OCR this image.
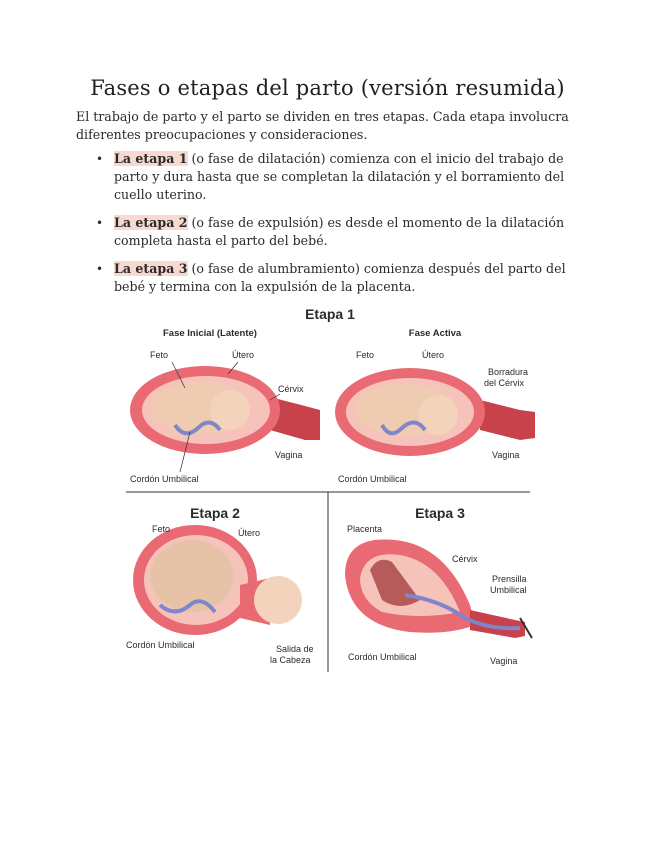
Fases o etapas del parto (versión resumida)
El trabajo de parto y el parto se dividen en tres etapas. Cada etapa involucra diferentes preocupaciones y consideraciones.
• La etapa 1 (o fase de dilatación) comienza con el inicio del trabajo de parto y dura hasta que se completan la dilatación y el borramiento del cuello uterino.
• La etapa 2 (o fase de expulsión) es desde el momento de la dilatación completa hasta el parto del bebé.
• La etapa 3 (o fase de alumbramiento) comienza después del parto del bebé y termina con la expulsión de la placenta.
Etapa 1
Fase Inicial (Latente)	Fase Activa
Feto	Útero
Cérvix
Vagina
Cordón Umbilical
Feto	Útero
Borradura
del Cérvix
Vagina
Cordón Umbilical
Etapa 2
Feto	Útero
Cordón Umbilical	Salida de
la Cabeza
Etapa 3
Placenta
Cérvix
Prensilla
Umbilical
Cordón Umbilical	Vagina
